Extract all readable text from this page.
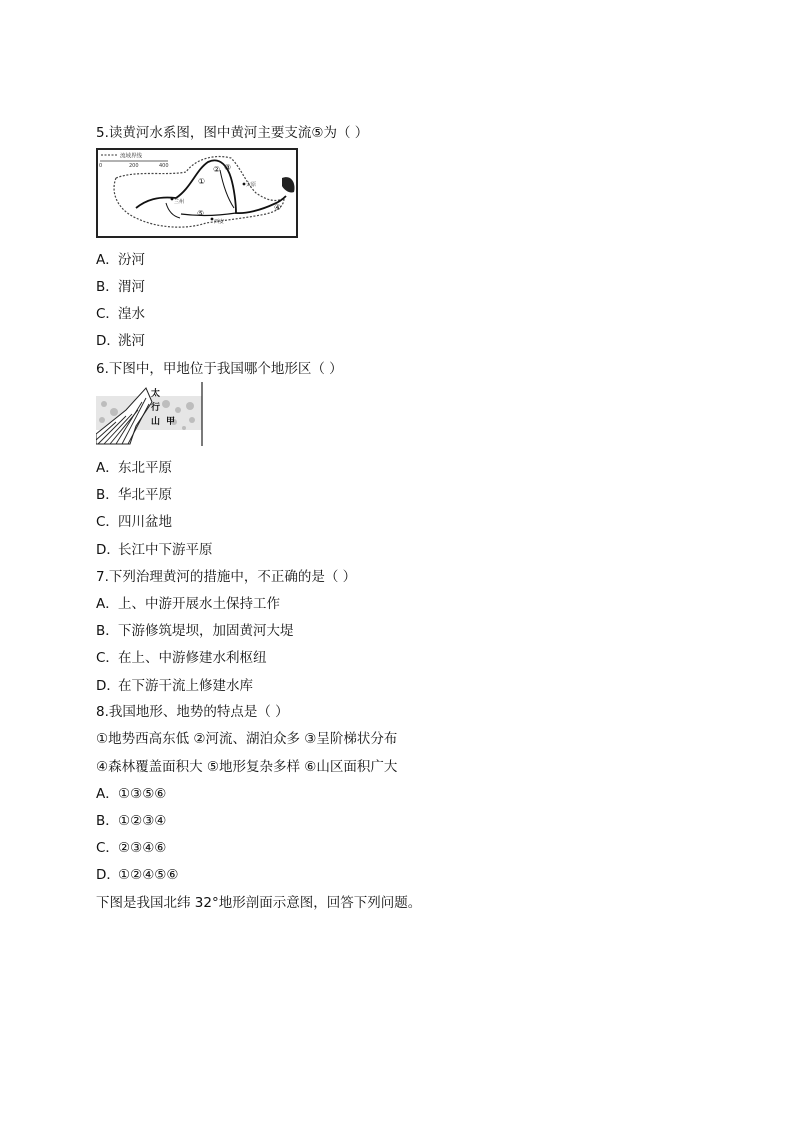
5.读黄河水系图，图中黄河主要支流⑤为（ ）
流域界线
0	200	400
①
② ③
④
⑤
兰州
西安
太原
A．汾河
B．渭河
C．湟水
D．洮河
6.下图中，甲地位于我国哪个地形区（ ）
太
行
山 甲
A．东北平原
B．华北平原
C．四川盆地
D．长江中下游平原
7.下列治理黄河的措施中，不正确的是（ ）
A．上、中游开展水土保持工作
B．下游修筑堤坝，加固黄河大堤
C．在上、中游修建水利枢纽
D．在下游干流上修建水库
8.我国地形、地势的特点是（ ）
①地势西高东低 ②河流、湖泊众多 ③呈阶梯状分布
④森林覆盖面积大 ⑤地形复杂多样 ⑥山区面积广大
A．①③⑤⑥
B．①②③④
C．②③④⑥
D．①②④⑤⑥
下图是我国北纬 32°地形剖面示意图，回答下列问题。
